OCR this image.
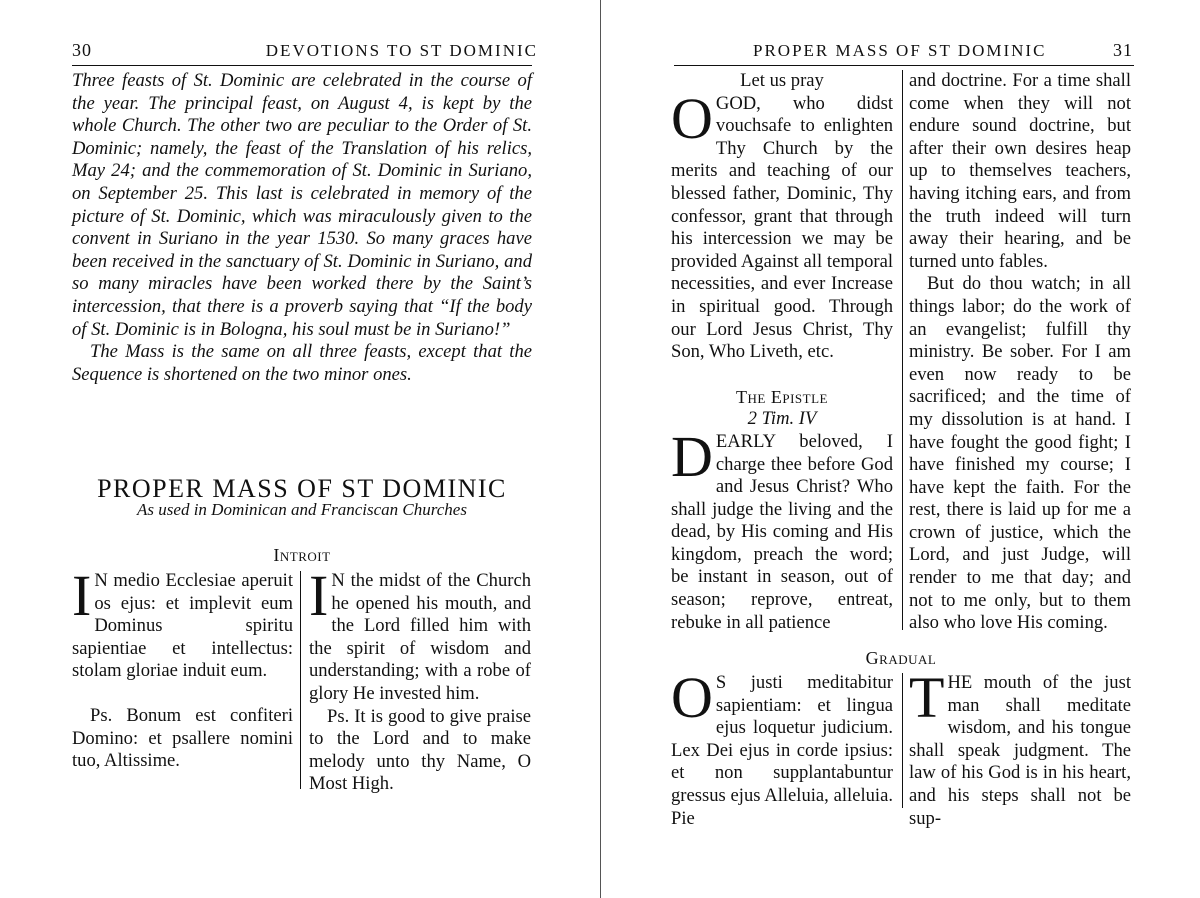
30	DEVOTIONS TO ST DOMINIC

Three feasts of St. Dominic are celebrated in the course of the year. The principal feast, on August 4, is kept by the whole Church. The other two are peculiar to the Order of St. Dominic; namely, the feast of the Translation of his relics, May 24; and the commemoration of St. Dominic in Suriano, on September 25. This last is celebrated in memory of the picture of St. Dominic, which was miraculously given to the convent in Suriano in the year 1530. So many graces have been received in the sanctuary of St. Dominic in Suriano, and so many miracles have been worked there by the Saint’s intercession, that there is a proverb saying that “If the body of St. Dominic is in Bologna, his soul must be in Suriano!”

The Mass is the same on all three feasts, except that the Sequence is shortened on the two minor ones.

PROPER MASS OF ST DOMINIC
As used in Dominican and Franciscan Churches
Introit

I N medio Ecclesiae aperuit os ejus: et implevit eum Dominus spiritu sapientiae et intellectus: stolam gloriae induit eum.

Ps. Bonum est confiteri Domino: et psallere nomini tuo, Altissime.

I N the midst of the Church he opened his mouth, and the Lord filled him with the spirit of wisdom and understanding; with a robe of glory He invested him.

Ps. It is good to give praise to the Lord and to make melody unto thy Name, O Most High.

PROPER MASS OF ST DOMINIC	31
Let us pray

O GOD, who didst vouchsafe to enlighten Thy Church by the merits and teaching of our blessed father, Dominic, Thy confessor, grant that through his intercession we may be provided Against all temporal necessities, and ever Increase in spiritual good. Through our Lord Jesus Christ, Thy Son, Who Liveth, etc.

The Epistle
2 Tim. IV

D EARLY beloved, I charge thee before God and Jesus Christ? Who shall judge the living and the dead, by His coming and His kingdom, preach the word; be instant in season, out of season; reprove, entreat, rebuke in all patience

and doctrine. For a time shall come when they will not endure sound doctrine, but after their own desires heap up to themselves teachers, having itching ears, and from the truth indeed will turn away their hearing, and be turned unto fables.

But do thou watch; in all things labor; do the work of an evangelist; fulfill thy ministry. Be sober. For I am even now ready to be sacrificed; and the time of my dissolution is at hand. I have fought the good fight; I have finished my course; I have kept the faith. For the rest, there is laid up for me a crown of justice, which the Lord, and just Judge, will render to me that day; and not to me only, but to them also who love His coming.

Gradual

O S justi meditabitur sapientiam: et lingua ejus loquetur judicium. Lex Dei ejus in corde ipsius: et non supplantabuntur gressus ejus Alleluia, alleluia. Pie

T HE mouth of the just man shall meditate wisdom, and his tongue shall speak judgment. The law of his God is in his heart, and his steps shall not be sup-
